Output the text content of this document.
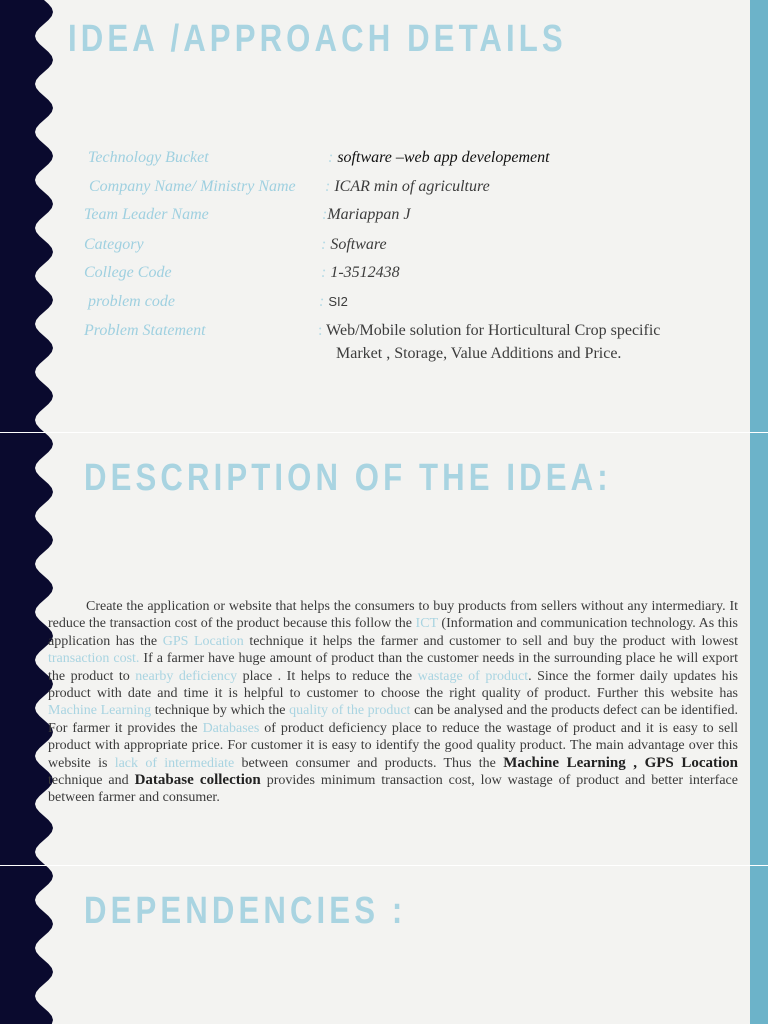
IDEA /APPROACH DETAILS
Technology Bucket	: software –web app developement
Company Name/ Ministry Name : ICAR min of agriculture
Team Leader Name	:Mariappan J
Category	: Software
College Code	: 1-3512438
problem code	: SI2
Problem Statement	: Web/Mobile solution for Horticultural Crop specific
Market , Storage, Value Additions and Price.
DESCRIPTION OF THE IDEA:

Create the application or website that helps the consumers to buy products from sellers without any intermediary. It reduce the transaction cost of the product because this follow the ICT (Information and communication technology. As this application has the GPS Location technique it helps the farmer and customer to sell and buy the product with lowest transaction cost. If a farmer have huge amount of product than the customer needs in the surrounding place he will export the product to nearby deficiency place . It helps to reduce the wastage of product. Since the former daily updates his product with date and time it is helpful to customer to choose the right quality of product. Further this website has Machine Learning technique by which the quality of the product can be analysed and the products defect can be identified. For farmer it provides the Databases of product deficiency place to reduce the wastage of product and it is easy to sell product with appropriate price. For customer it is easy to identify the good quality product. The main advantage over this website is lack of intermediate between consumer and products. Thus the Machine Learning , GPS Location technique and Database collection provides minimum transaction cost, low wastage of product and better interface between farmer and consumer.

DEPENDENCIES :
